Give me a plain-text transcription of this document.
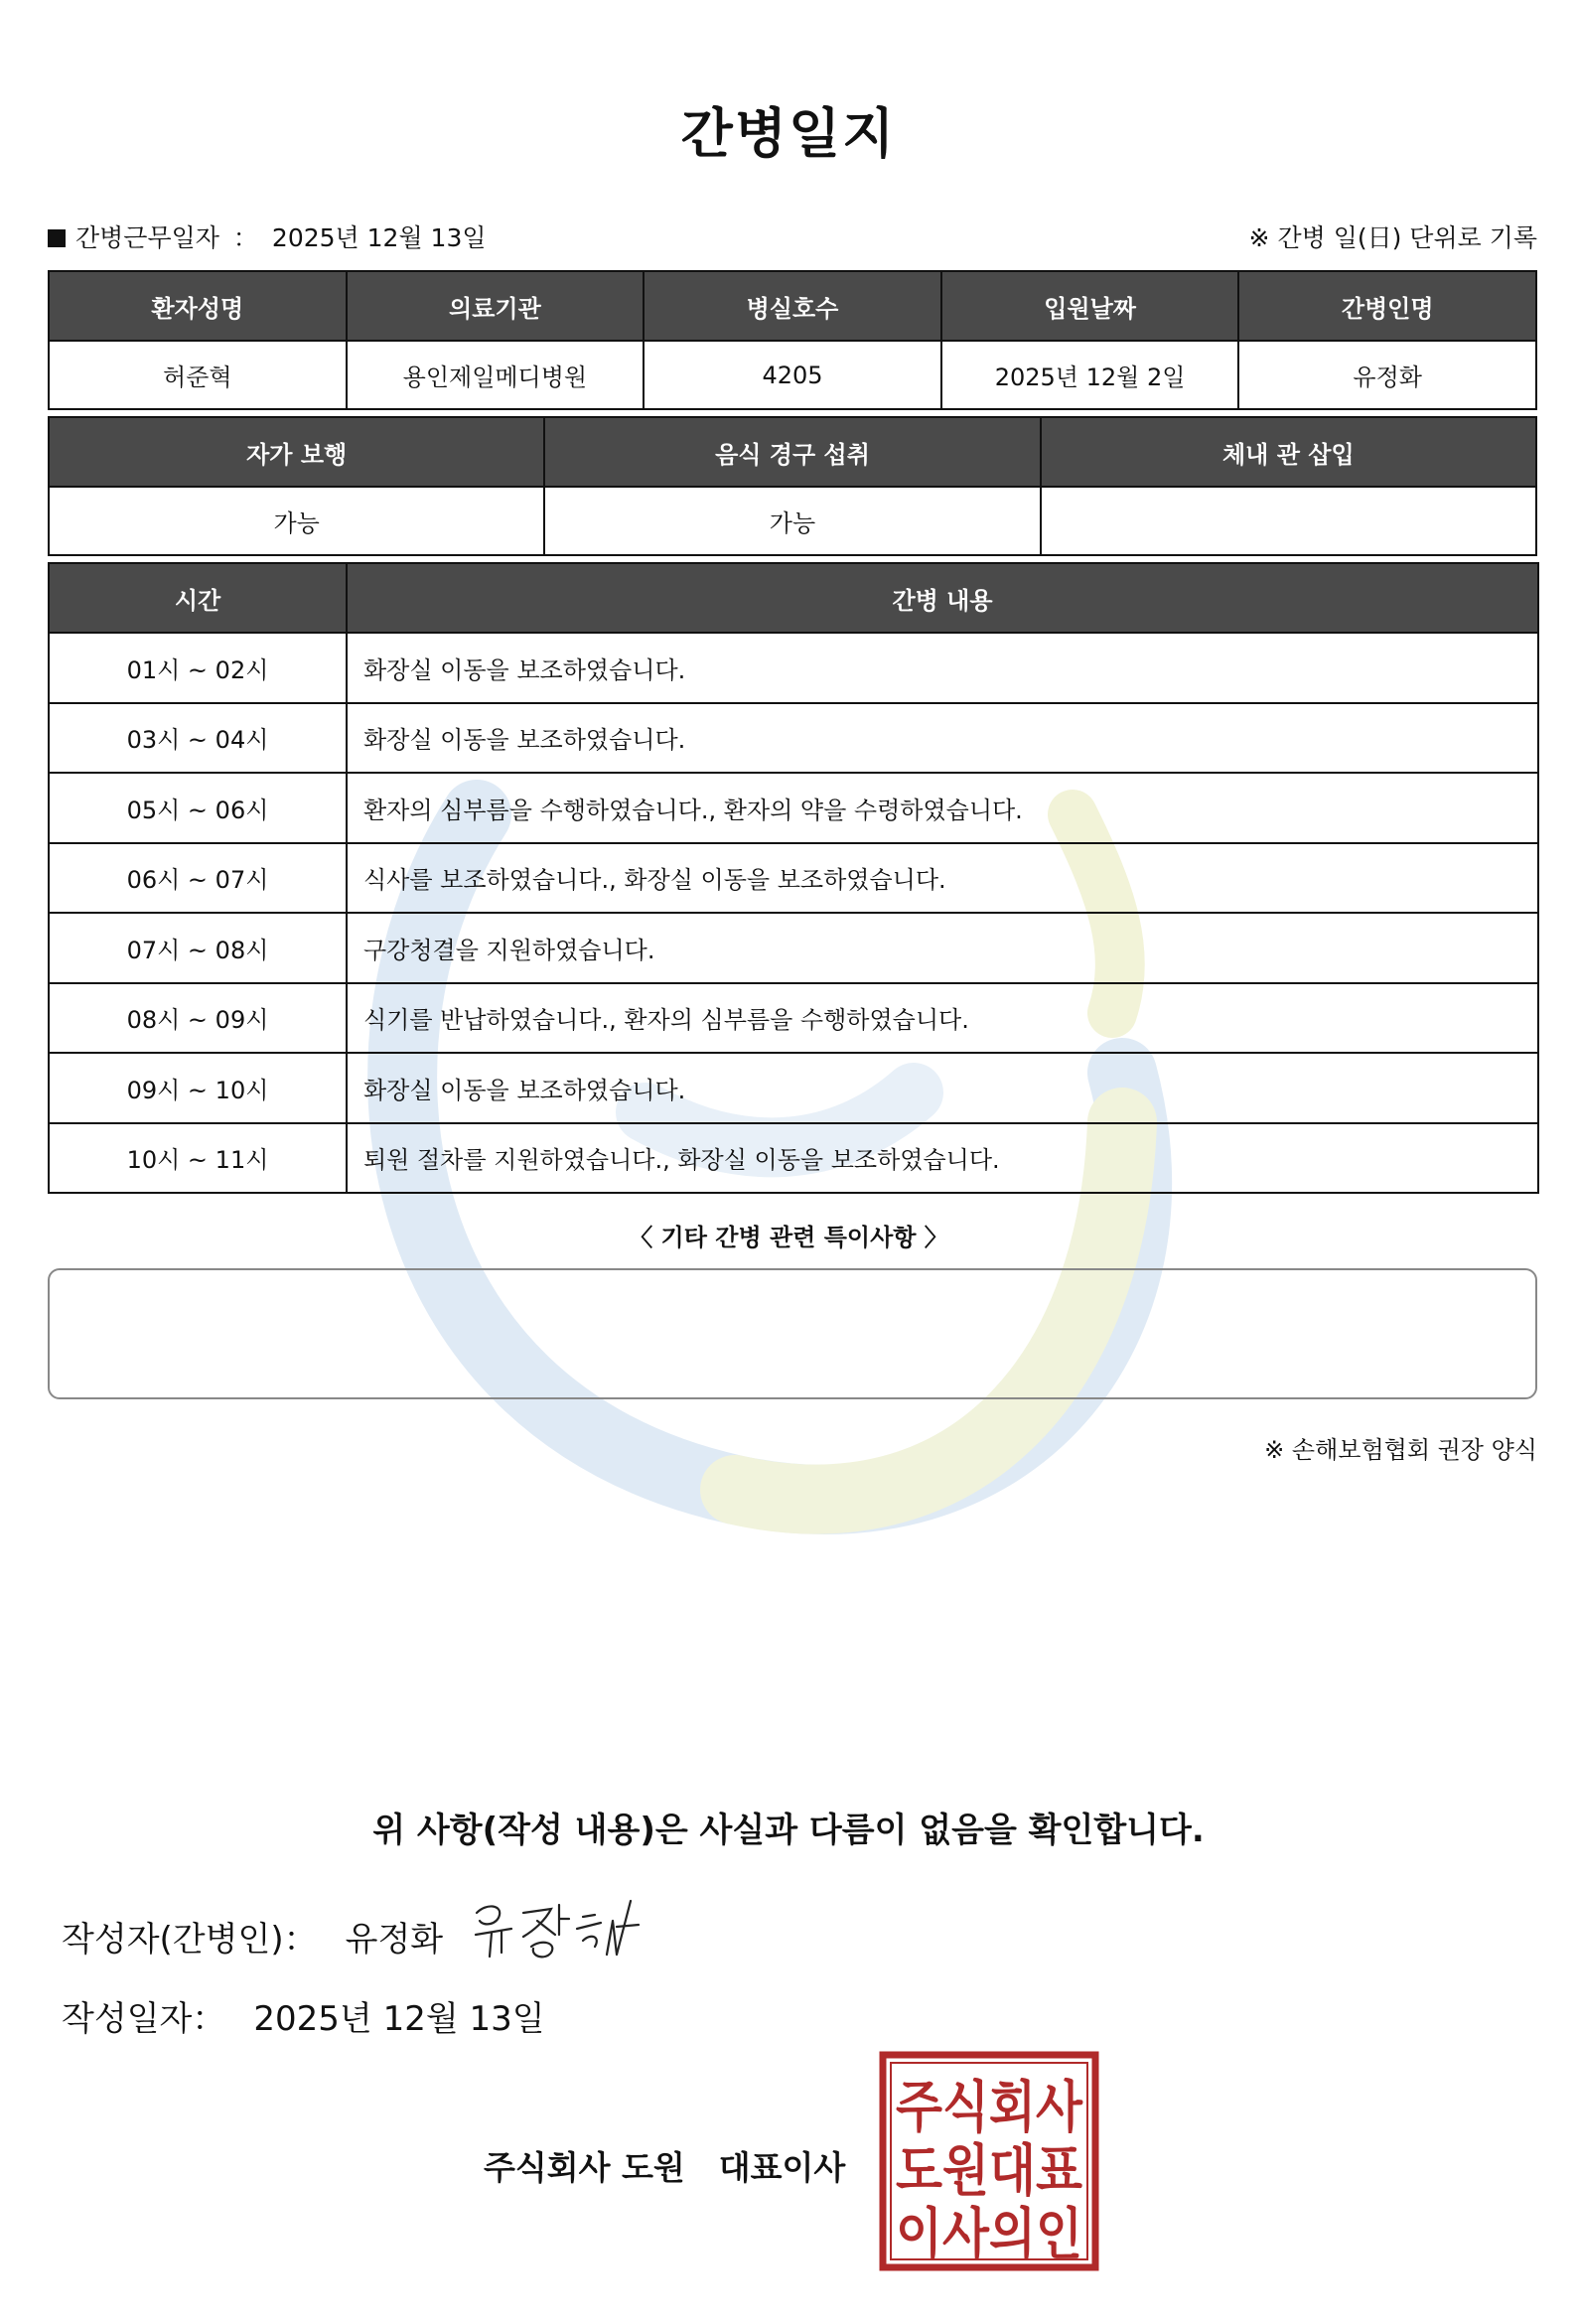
간병일지
간병근무일자 ： 2025년 12월 13일	※ 간병 일(日) 단위로 기록
환자성명	의료기관	병실호수	입원날짜	간병인명
허준혁	용인제일메디병원	4205	2025년 12월 2일	유정화
자가 보행	음식 경구 섭취	체내 관 삽입
가능	가능	
시간	간병 내용
01시 ~ 02시	화장실 이동을 보조하였습니다.
03시 ~ 04시	화장실 이동을 보조하였습니다.
05시 ~ 06시	환자의 심부름을 수행하였습니다., 환자의 약을 수령하였습니다.
06시 ~ 07시	식사를 보조하였습니다., 화장실 이동을 보조하였습니다.
07시 ~ 08시	구강청결을 지원하였습니다.
08시 ~ 09시	식기를 반납하였습니다., 환자의 심부름을 수행하였습니다.
09시 ~ 10시	화장실 이동을 보조하였습니다.
10시 ~ 11시	퇴원 절차를 지원하였습니다., 화장실 이동을 보조하였습니다.
〈 기타 간병 관련 특이사항 〉
※ 손해보험협회 권장 양식
위 사항(작성 내용)은 사실과 다름이 없음을 확인합니다.
작성자(간병인)： 유정화
작성일자： 2025년 12월 13일
주식회사 도원 대표이사
주식회사
도원대표
이사의인
